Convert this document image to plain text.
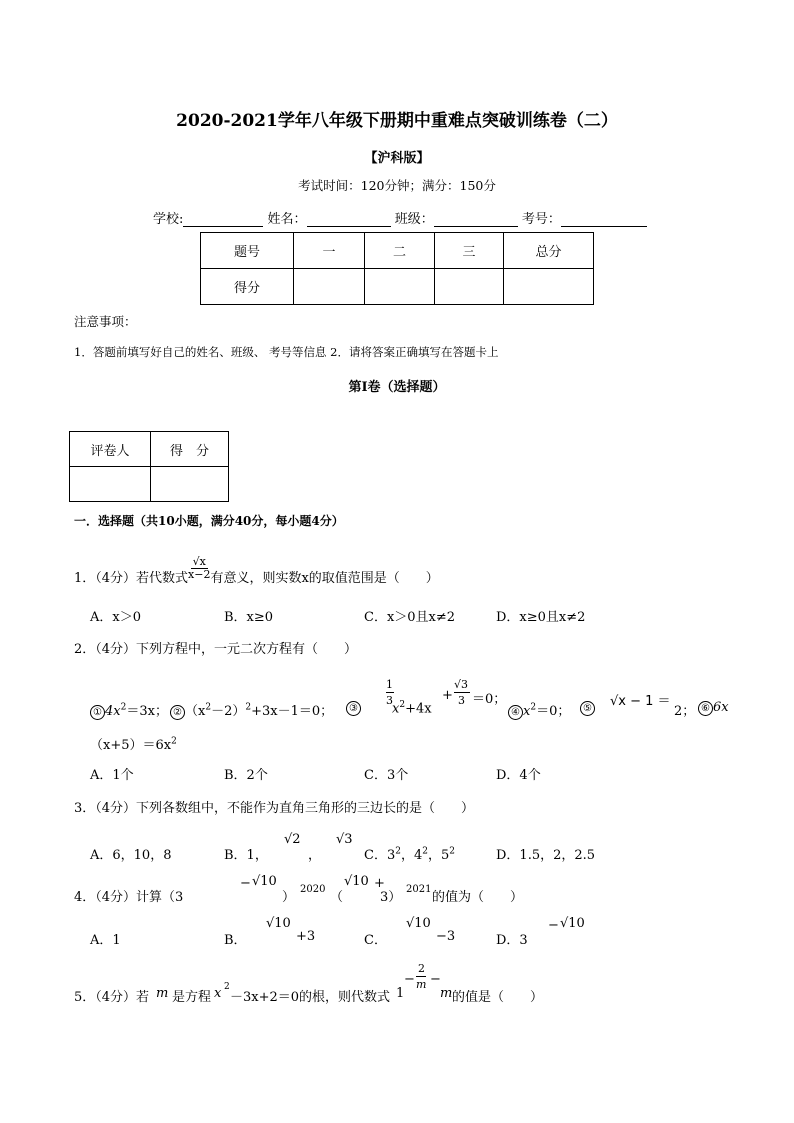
2020-2021学年八年级下册期中重难点突破训练卷（二）
【沪科版】
考试时间：120分钟；满分：150分
学校:	姓名：	班级：	考号：
题号	一	二	三	总分
得分				
注意事项：
1．答题前填写好自己的姓名、班级、 考号等信息 2．请将答案正确填写在答题卡上
第Ⅰ卷（选择题）
评卷人	得　分

一．选择题（共10小题，满分40分，每小题4分）
1．（4分）若代数式 $\frac{√x}{x-2}$ 有意义，则实数x的取值范围是（　　）
A．x＞0	B．x≥0	C．x＞0且x≠2	D．x≥0且x≠2
2．（4分）下列方程中，一元二次方程有（　　）
① $4x^2=3x$； ② $(x^2-2)^2+3x-1=0$；	③
1
3
$x^2+4x$
+
√3
3 ＝0；
④ $x^2=0$；	⑤ √x − 1 ＝
2； ⑥ 6x
$(x+5)=6x^2$
A．1个	B．2个	C．3个	D．4个
3．（4分）下列各数组中，不能作为直角三角形的三边长的是（　　）
A．6，10，8	B．1，
√2
，
√3
C．$3^2$，$4^2$，$5^2$	D．1.5，2，2.5
4．（4分）计算（3
− √10
）
2020
（
√10 +
3）
2021
的值为（　　）
A．1	B．
√10
+3	C．
√10
−3	D．3
− √10
5．（4分）若 m 是方程 x 2
－3x+2＝0的根，则代数式 1
−
2
m −
m 的值是（　　）
